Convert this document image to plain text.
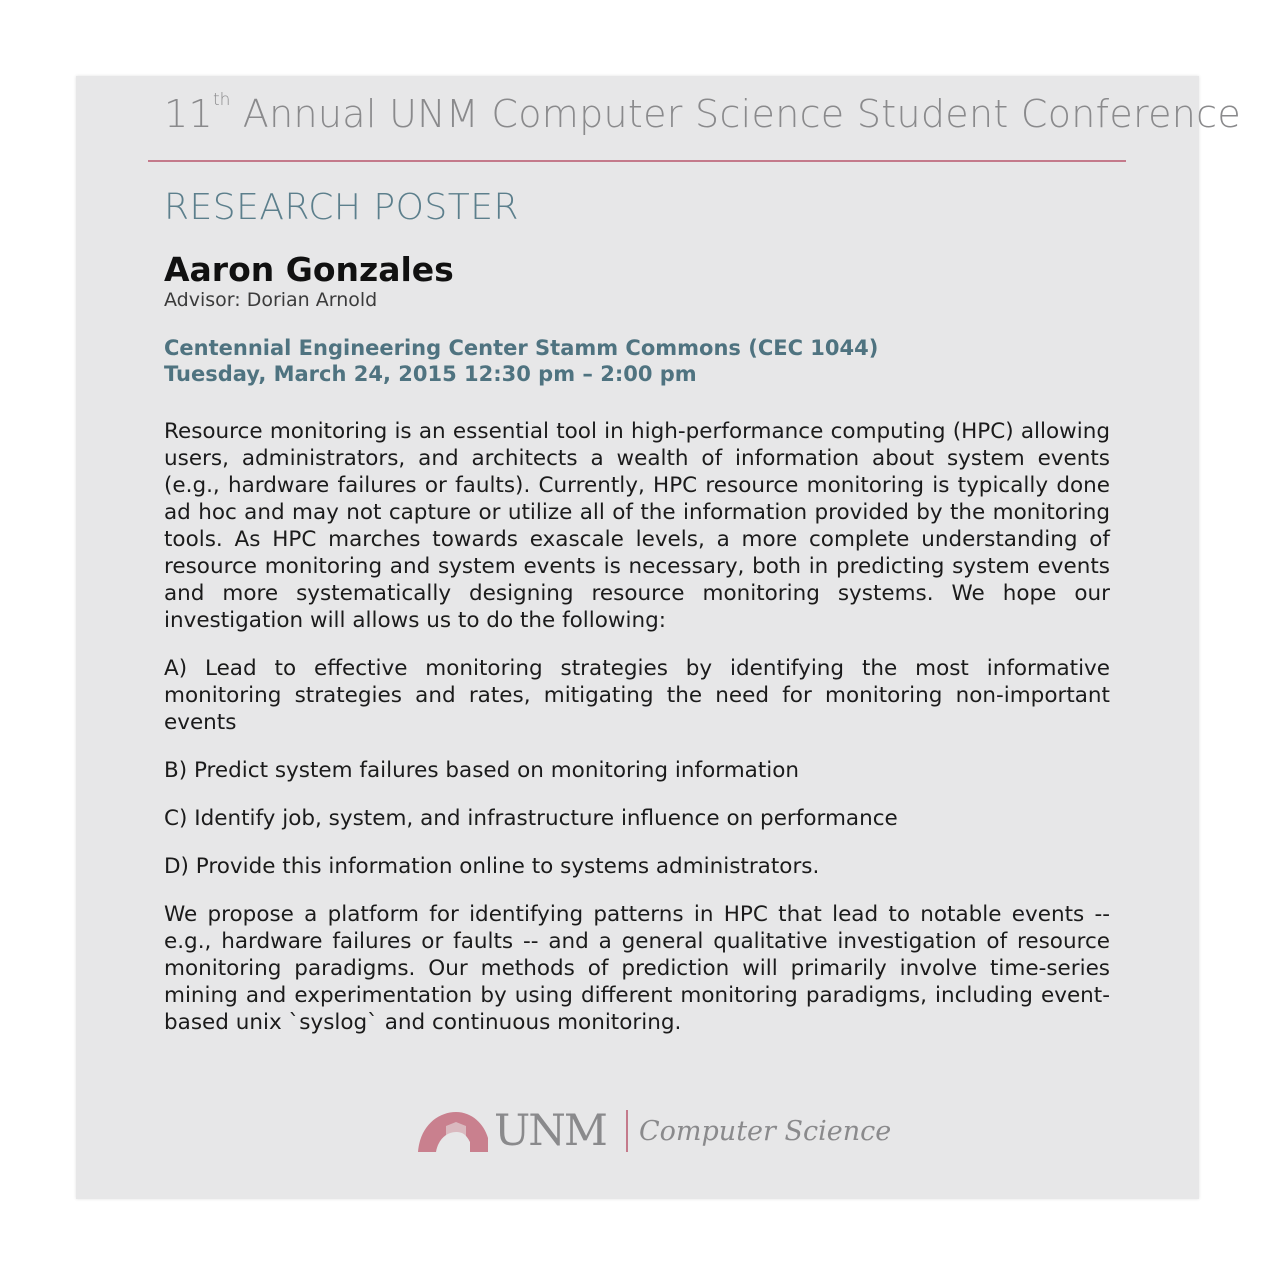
11th Annual UNM Computer Science Student Conference
RESEARCH POSTER
Aaron Gonzales
Advisor: Dorian Arnold
Centennial Engineering Center Stamm Commons (CEC 1044)
Tuesday, March 24, 2015 12:30 pm – 2:00 pm

Resource monitoring is an essential tool in high-performance computing (HPC) allowing users, administrators, and architects a wealth of information about system events (e.g., hardware failures or faults). Currently, HPC resource monitoring is typically done ad hoc and may not capture or utilize all of the information provided by the monitoring tools. As HPC marches towards exascale levels, a more complete understanding of resource monitoring and system events is necessary, both in predicting system events and more systematically designing resource monitoring systems. We hope our investigation will allows us to do the following:

A) Lead to effective monitoring strategies by identifying the most informative monitoring strategies and rates, mitigating the need for monitoring non-important events

B) Predict system failures based on monitoring information

C) Identify job, system, and infrastructure influence on performance

D) Provide this information online to systems administrators.

We propose a platform for identifying patterns in HPC that lead to notable events -- e.g., hardware failures or faults -- and a general qualitative investigation of resource monitoring paradigms. Our methods of prediction will primarily involve time-series mining and experimentation by using different monitoring paradigms, including event-based unix `syslog` and continuous monitoring.

UNM Computer Science
